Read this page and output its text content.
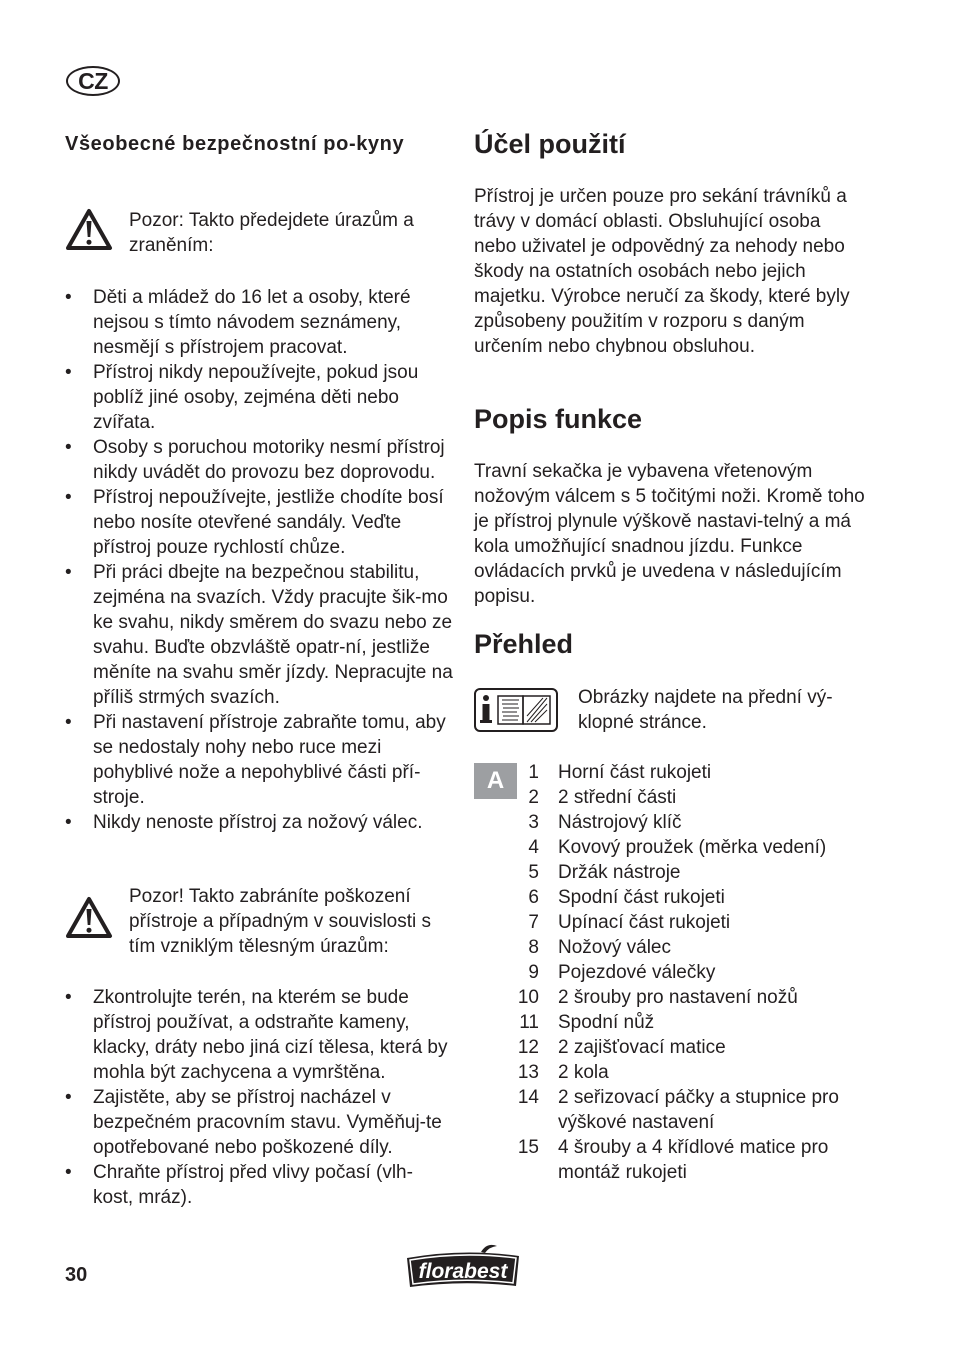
CZ
Všeobecné bezpečnostní po-kyny
Pozor: Takto předejdete úrazům a zraněním:
• Děti a mládež do 16 let a osoby, které nejsou s tímto návodem seznámeny, nesmějí s přístrojem pracovat.
• Přístroj nikdy nepoužívejte, pokud jsou poblíž jiné osoby, zejména děti nebo zvířata.
• Osoby s poruchou motoriky nesmí přístroj nikdy uvádět do provozu bez doprovodu.
• Přístroj nepoužívejte, jestliže chodíte bosí nebo nosíte otevřené sandály. Veďte přístroj pouze rychlostí chůze.
• Při práci dbejte na bezpečnou stabilitu, zejména na svazích. Vždy pracujte šik-mo ke svahu, nikdy směrem do svazu nebo ze svahu. Buďte obzvláště opatr-ní, jestliže měníte na svahu směr jízdy. Nepracujte na příliš strmých svazích.
• Při nastavení přístroje zabraňte tomu, aby se nedostaly nohy nebo ruce mezi pohyblivé nože a nepohyblivé části pří-stroje.
• Nikdy nenoste přístroj za nožový válec.
Pozor! Takto zabráníte poškození přístroje a případným v souvislosti s tím vzniklým tělesným úrazům:
• Zkontrolujte terén, na kterém se bude přístroj používat, a odstraňte kameny, klacky, dráty nebo jiná cizí tělesa, která by mohla být zachycena a vymrštěna.
• Zajistěte, aby se přístroj nacházel v bezpečném pracovním stavu. Vyměňuj-te opotřebované nebo poškozené díly.
• Chraňte přístroj před vlivy počasí (vlh-kost, mráz).
Účel použití
Přístroj je určen pouze pro sekání trávníků a trávy v domácí oblasti. Obsluhující osoba nebo uživatel je odpovědný za nehody nebo škody na ostatních osobách nebo jejich majetku. Výrobce neručí za škody, které byly způsobeny použitím v rozporu s daným určením nebo chybnou obsluhou.
Popis funkce
Travní sekačka je vybavena vřetenovým nožovým válcem s 5 točitými noži. Kromě toho je přístroj plynule výškově nastavi-telný a má kola umožňující snadnou jízdu. Funkce ovládacích prvků je uvedena v následujícím popisu.
Přehled
Obrázky najdete na přední vý-klopné stránce.
A	1 Horní část rukojeti
2 2 střední části
3 Nástrojový klíč
4 Kovový proužek (měrka vedení)
5 Držák nástroje
6 Spodní část rukojeti
7 Upínací část rukojeti
8 Nožový válec
9 Pojezdové válečky
10 2 šrouby pro nastavení nožů
11 Spodní nůž
12 2 zajišťovací matice
13 2 kola
14 2 seřizovací páčky a stupnice pro výškové nastavení
15 4 šrouby a 4 křídlové matice pro montáž rukojeti
30	florabest
